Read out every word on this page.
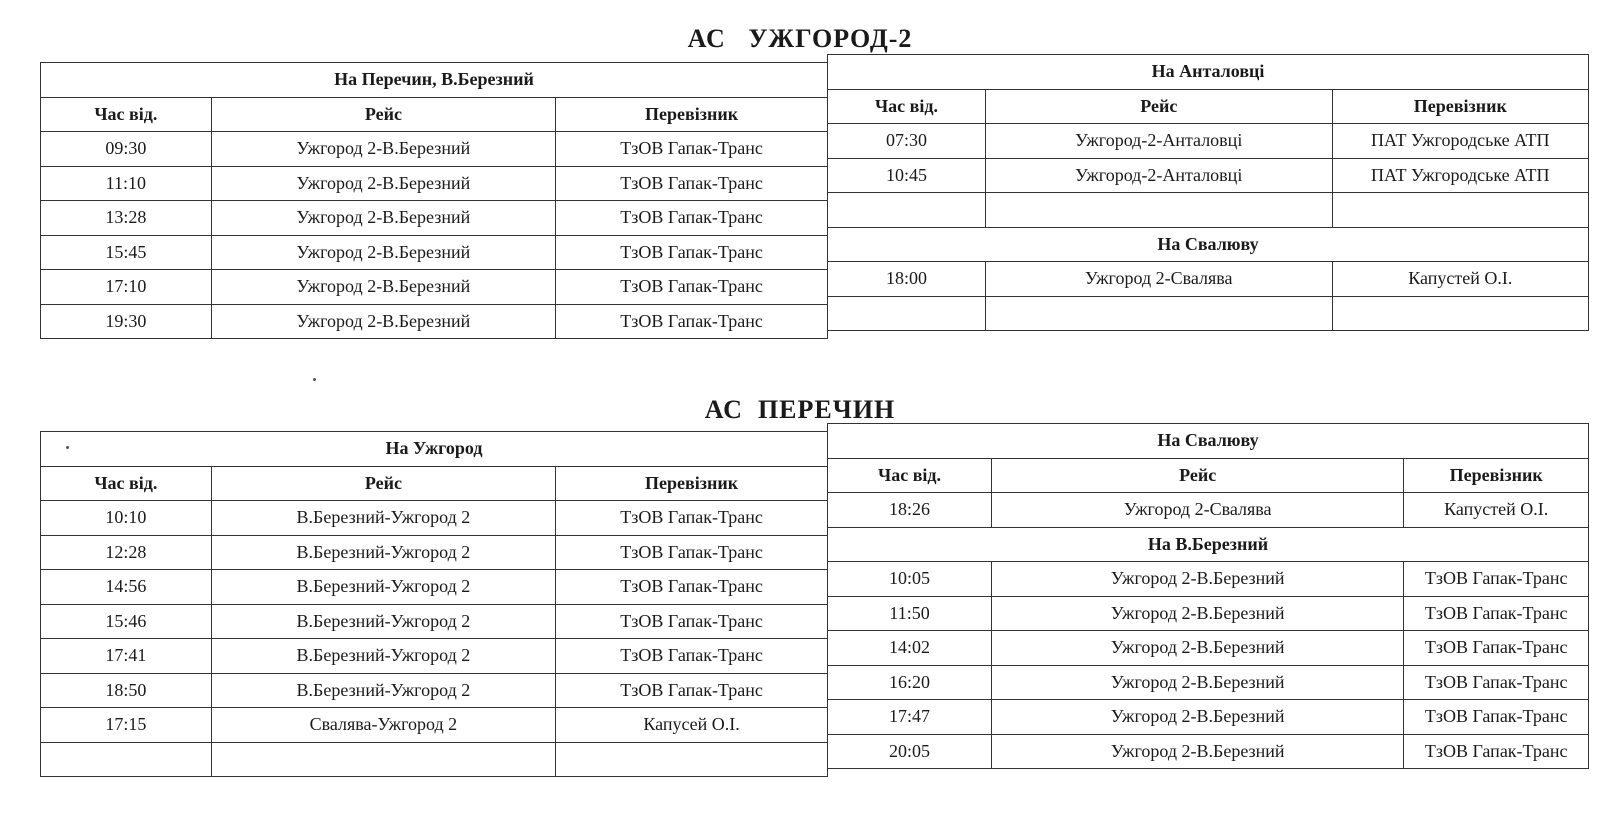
АС   УЖГОРОД-2
На Перечин, В.Березний		
Час від.	Рейс	Перевізник
09:30	Ужгород 2-В.Березний	ТзОВ Гапак-Транс
11:10	Ужгород 2-В.Березний	ТзОВ Гапак-Транс
13:28	Ужгород 2-В.Березний	ТзОВ Гапак-Транс
15:45	Ужгород 2-В.Березний	ТзОВ Гапак-Транс
17:10	Ужгород 2-В.Березний	ТзОВ Гапак-Транс
19:30	Ужгород 2-В.Березний	ТзОВ Гапак-Транс
На Анталовці		
Час від.	Рейс	Перевізник
07:30	Ужгород-2-Анталовці	ПАТ Ужгородське АТП
10:45	Ужгород-2-Анталовці	ПАТ Ужгородське АТП

На Свалюву		
18:00	Ужгород 2-Свалява	Капустей О.І.

АС  ПЕРЕЧИН
На Ужгород		
Час від.	Рейс	Перевізник
10:10	В.Березний-Ужгород 2	ТзОВ Гапак-Транс
12:28	В.Березний-Ужгород 2	ТзОВ Гапак-Транс
14:56	В.Березний-Ужгород 2	ТзОВ Гапак-Транс
15:46	В.Березний-Ужгород 2	ТзОВ Гапак-Транс
17:41	В.Березний-Ужгород 2	ТзОВ Гапак-Транс
18:50	В.Березний-Ужгород 2	ТзОВ Гапак-Транс
17:15	Свалява-Ужгород 2	Капусей О.І.

На Свалюву		
Час від.	Рейс	Перевізник
18:26	Ужгород 2-Свалява	Капустей О.І.
На В.Березний		
10:05	Ужгород 2-В.Березний	ТзОВ Гапак-Транс
11:50	Ужгород 2-В.Березний	ТзОВ Гапак-Транс
14:02	Ужгород 2-В.Березний	ТзОВ Гапак-Транс
16:20	Ужгород 2-В.Березний	ТзОВ Гапак-Транс
17:47	Ужгород 2-В.Березний	ТзОВ Гапак-Транс
20:05	Ужгород 2-В.Березний	ТзОВ Гапак-Транс
